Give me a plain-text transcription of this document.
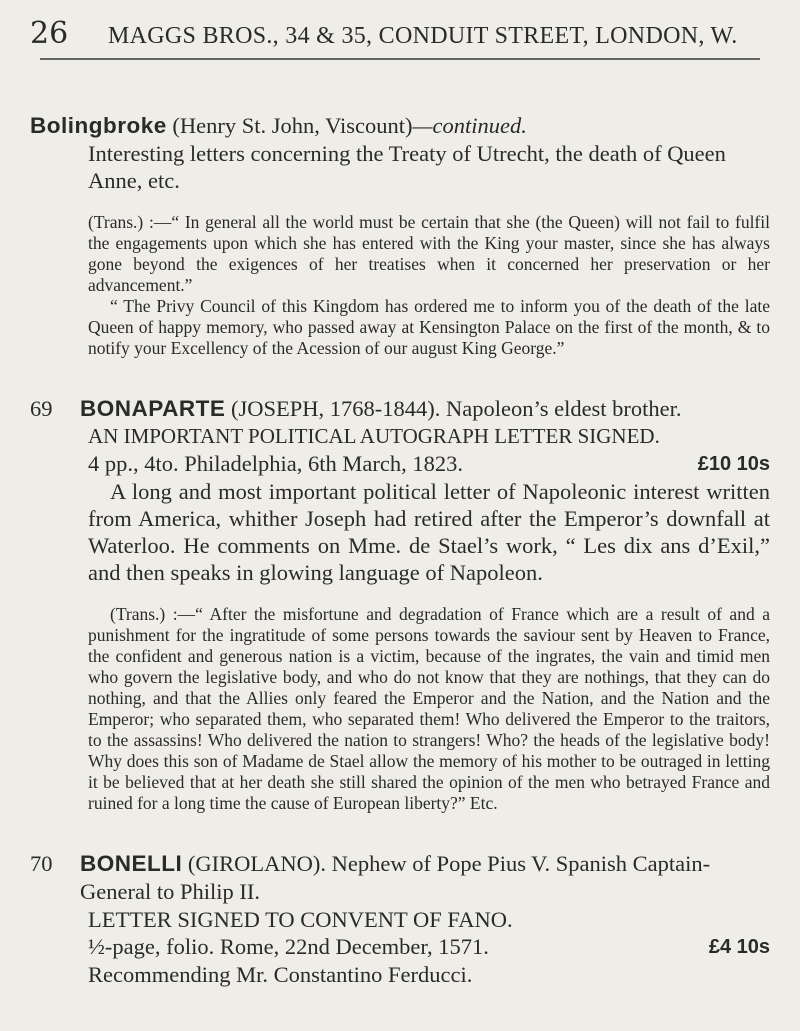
26	MAGGS BROS., 34 & 35, CONDUIT STREET, LONDON, W.
Bolingbroke (Henry St. John, Viscount)—continued.
Interesting letters concerning the Treaty of Utrecht, the death of Queen Anne, etc.
(Trans.) :—“ In general all the world must be certain that she (the Queen) will not fail to fulfil the engagements upon which she has entered with the King your master, since she has always gone beyond the exigences of her treatises when it concerned her preservation or her advancement.”
“ The Privy Council of this Kingdom has ordered me to inform you of the death of the late Queen of happy memory, who passed away at Kensington Palace on the first of the month, & to notify your Excellency of the Acession of our august King George.”
69	BONAPARTE (JOSEPH, 1768-1844). Napoleon’s eldest brother.
AN IMPORTANT POLITICAL AUTOGRAPH LETTER SIGNED.
4 pp., 4to. Philadelphia, 6th March, 1823.	£10 10s
A long and most important political letter of Napoleonic interest written from America, whither Joseph had retired after the Emperor’s downfall at Waterloo. He comments on Mme. de Stael’s work, “ Les dix ans d’Exil,” and then speaks in glowing language of Napoleon.
(Trans.) :—“ After the misfortune and degradation of France which are a result of and a punishment for the ingratitude of some persons towards the saviour sent by Heaven to France, the confident and generous nation is a victim, because of the ingrates, the vain and timid men who govern the legislative body, and who do not know that they are nothings, that they can do nothing, and that the Allies only feared the Emperor and the Nation, and the Nation and the Emperor; who separated them, who separated them! Who delivered the Emperor to the traitors, to the assassins! Who delivered the nation to strangers! Who? the heads of the legislative body! Why does this son of Madame de Stael allow the memory of his mother to be outraged in letting it be believed that at her death she still shared the opinion of the men who betrayed France and ruined for a long time the cause of European liberty?” Etc.
70	BONELLI (GIROLANO). Nephew of Pope Pius V. Spanish Captain-General to Philip II.
LETTER SIGNED TO CONVENT OF FANO.
½-page, folio. Rome, 22nd December, 1571.	£4 10s
Recommending Mr. Constantino Ferducci.
